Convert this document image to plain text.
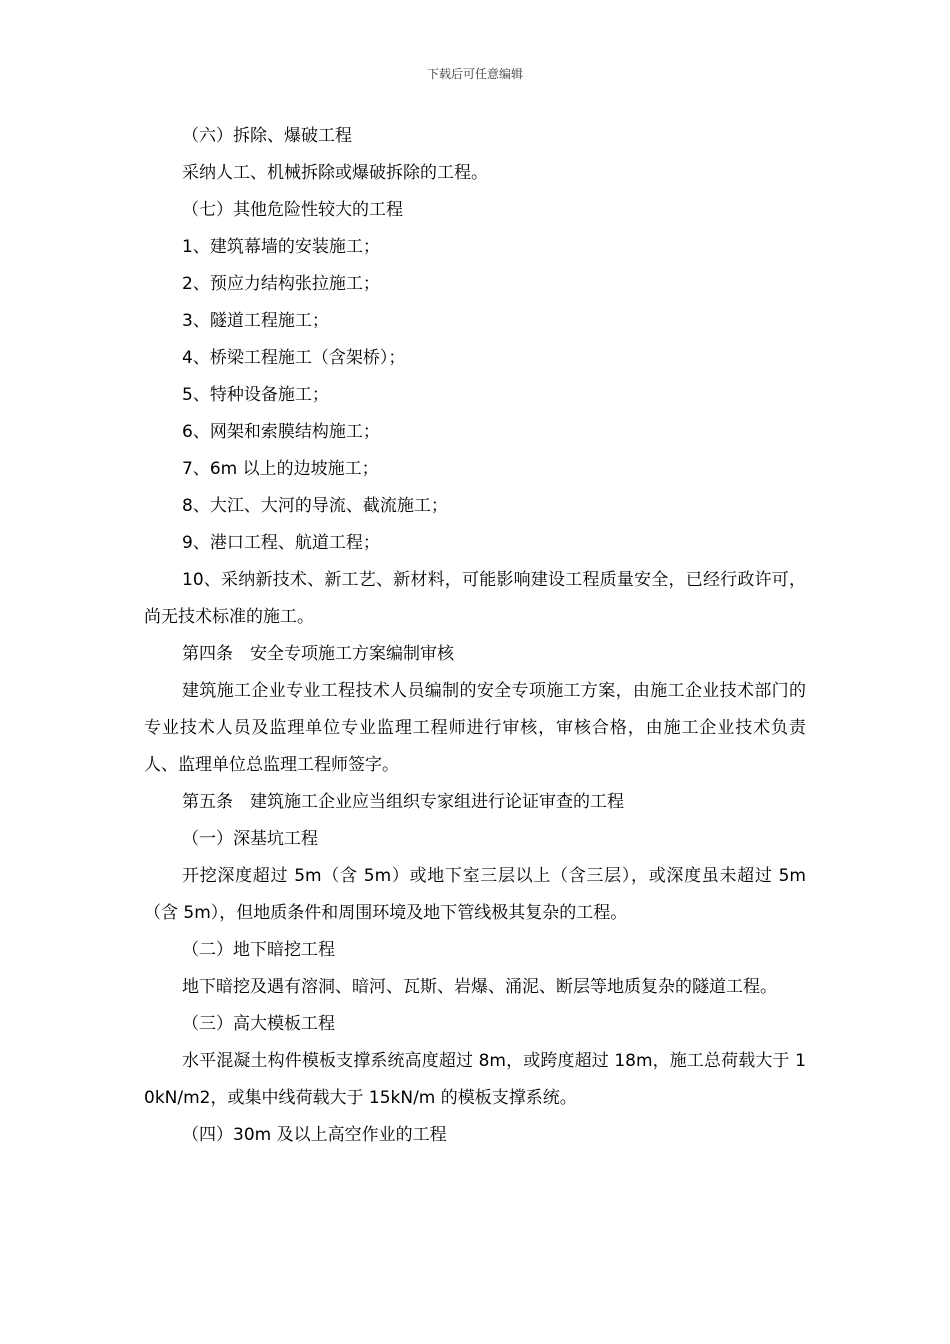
下载后可任意编辑

（六）拆除、爆破工程

采纳人工、机械拆除或爆破拆除的工程。

（七）其他危险性较大的工程

1、建筑幕墙的安装施工；

2、预应力结构张拉施工；

3、隧道工程施工；

4、桥梁工程施工（含架桥）；

5、特种设备施工；

6、网架和索膜结构施工；

7、6m 以上的边坡施工；

8、大江、大河的导流、截流施工；

9、港口工程、航道工程；

10、采纳新技术、新工艺、新材料，可能影响建设工程质量安全，已经行政许可，尚无技术标准的施工。

第四条　安全专项施工方案编制审核

建筑施工企业专业工程技术人员编制的安全专项施工方案，由施工企业技术部门的专业技术人员及监理单位专业监理工程师进行审核，审核合格，由施工企业技术负责人、监理单位总监理工程师签字。

第五条　建筑施工企业应当组织专家组进行论证审查的工程

（一）深基坑工程

开挖深度超过 5m（含 5m）或地下室三层以上（含三层），或深度虽未超过 5m（含 5m），但地质条件和周围环境及地下管线极其复杂的工程。

（二）地下暗挖工程

地下暗挖及遇有溶洞、暗河、瓦斯、岩爆、涌泥、断层等地质复杂的隧道工程。

（三）高大模板工程

水平混凝土构件模板支撑系统高度超过 8m，或跨度超过 18m，施工总荷载大于 10kN/m2，或集中线荷载大于 15kN/m 的模板支撑系统。

（四）30m 及以上高空作业的工程
